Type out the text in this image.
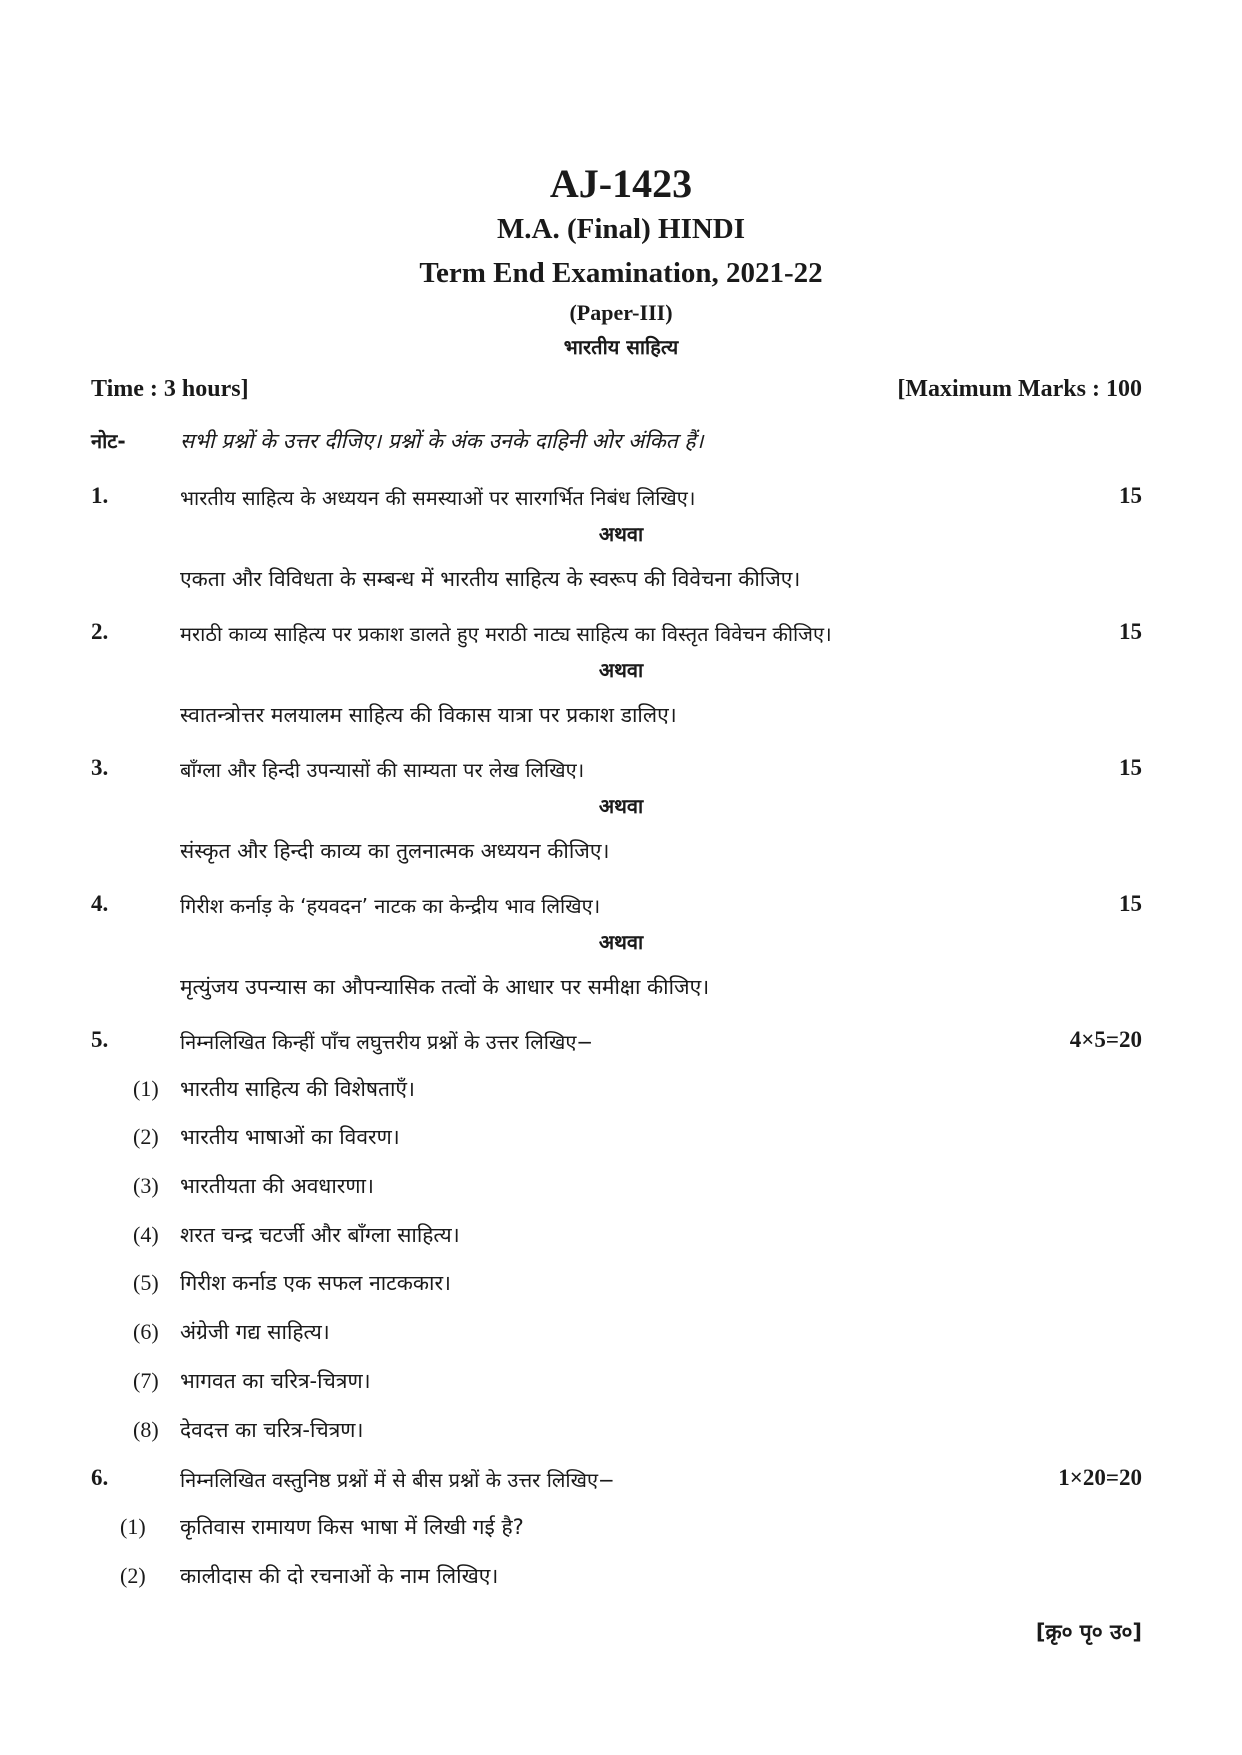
AJ-1423
M.A. (Final) HINDI
Term End Examination, 2021-22
(Paper-III)
भारतीय साहित्य
Time : 3 hours]	[Maximum Marks : 100
नोट-	सभी प्रश्नों के उत्तर दीजिए। प्रश्नों के अंक उनके दाहिनी ओर अंकित हैं।
1.	भारतीय साहित्य के अध्ययन की समस्याओं पर सारगर्भित निबंध लिखिए।	15
अथवा
एकता और विविधता के सम्बन्ध में भारतीय साहित्य के स्वरूप की विवेचना कीजिए।
2.	मराठी काव्य साहित्य पर प्रकाश डालते हुए मराठी नाट्य साहित्य का विस्तृत विवेचन कीजिए।	15
अथवा
स्वातन्त्रोत्तर मलयालम साहित्य की विकास यात्रा पर प्रकाश डालिए।
3.	बाँग्ला और हिन्दी उपन्यासों की साम्यता पर लेख लिखिए।	15
अथवा
संस्कृत और हिन्दी काव्य का तुलनात्मक अध्ययन कीजिए।
4.	गिरीश कर्नाड़ के ‘हयवदन’ नाटक का केन्द्रीय भाव लिखिए।	15
अथवा
मृत्युंजय उपन्यास का औपन्यासिक तत्वों के आधार पर समीक्षा कीजिए।
5.	निम्नलिखित किन्हीं पाँच लघुत्तरीय प्रश्नों के उत्तर लिखिए−	4×5=20
(1) भारतीय साहित्य की विशेषताएँ।
(2) भारतीय भाषाओं का विवरण।
(3) भारतीयता की अवधारणा।
(4) शरत चन्द्र चटर्जी और बाँग्ला साहित्य।
(5) गिरीश कर्नाड एक सफल नाटककार।
(6) अंग्रेजी गद्य साहित्य।
(7) भागवत का चरित्र-चित्रण।
(8) देवदत्त का चरित्र-चित्रण।
6.	निम्नलिखित वस्तुनिष्ठ प्रश्नों में से बीस प्रश्नों के उत्तर लिखिए−	1×20=20
(1) कृतिवास रामायण किस भाषा में लिखी गई है?
(2) कालीदास की दो रचनाओं के नाम लिखिए।
[क्रृ० पृ० उ०]
